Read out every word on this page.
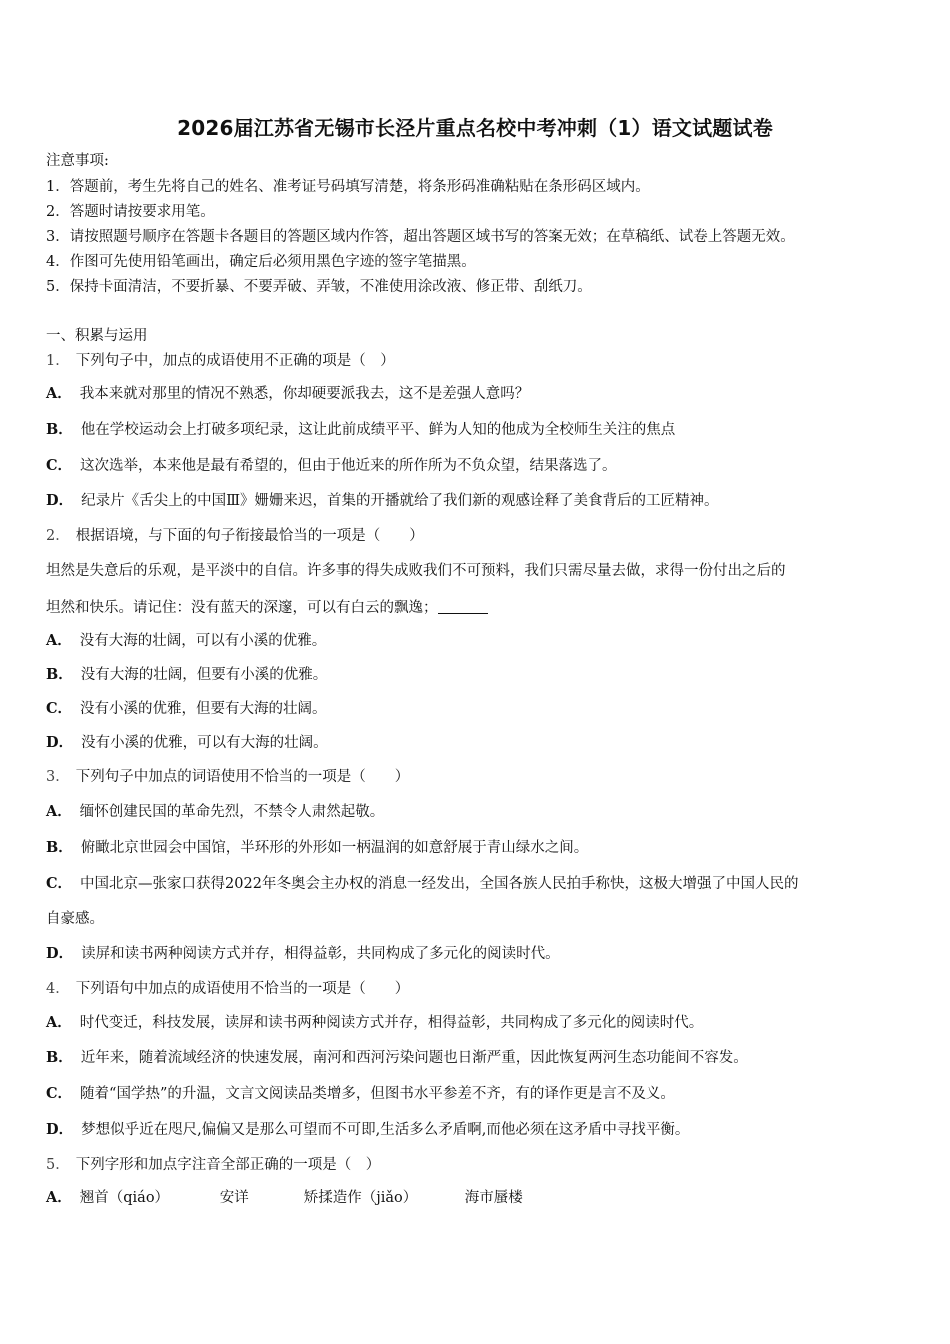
2026届江苏省无锡市长泾片重点名校中考冲刺（1）语文试题试卷
注意事项:
1．答题前，考生先将自己的姓名、准考证号码填写清楚，将条形码准确粘贴在条形码区域内。
2．答题时请按要求用笔。
3．请按照题号顺序在答题卡各题目的答题区域内作答，超出答题区域书写的答案无效；在草稿纸、试卷上答题无效。
4．作图可先使用铅笔画出，确定后必须用黑色字迹的签字笔描黑。
5．保持卡面清洁，不要折暴、不要弄破、弄皱，不准使用涂改液、修正带、刮纸刀。
一、积累与运用
1． 下列句子中，加点的成语使用不正确的项是（　）
A． 我本来就对那里的情况不熟悉，你却硬要派我去，这不是差强人意吗？
B． 他在学校运动会上打破多项纪录，这让此前成绩平平、鲜为人知的他成为全校师生关注的焦点
C． 这次选举，本来他是最有希望的，但由于他近来的所作所为不负众望，结果落选了。
D． 纪录片《舌尖上的中国Ⅲ》姗姗来迟，首集的开播就给了我们新的观感诠释了美食背后的工匠精神。
2． 根据语境，与下面的句子衔接最恰当的一项是（　　）
坦然是失意后的乐观，是平淡中的自信。许多事的得失成败我们不可预料，我们只需尽量去做，求得一份付出之后的
坦然和快乐。请记住：没有蓝天的深邃，可以有白云的飘逸；
A． 没有大海的壮阔，可以有小溪的优雅。
B． 没有大海的壮阔，但要有小溪的优雅。
C． 没有小溪的优雅，但要有大海的壮阔。
D． 没有小溪的优雅，可以有大海的壮阔。
3． 下列句子中加点的词语使用不恰当的一项是（　　）
A． 缅怀创建民国的革命先烈，不禁令人肃然起敬。
B． 俯瞰北京世园会中国馆，半环形的外形如一柄温润的如意舒展于青山绿水之间。
C． 中国北京—张家口获得2022年冬奥会主办权的消息一经发出，全国各族人民拍手称快，这极大增强了中国人民的
自豪感。
D． 读屏和读书两种阅读方式并存，相得益彰，共同构成了多元化的阅读时代。
4． 下列语句中加点的成语使用不恰当的一项是（　　）
A． 时代变迁，科技发展，读屏和读书两种阅读方式并存，相得益彰，共同构成了多元化的阅读时代。
B． 近年来，随着流域经济的快速发展，南河和西河污染问题也日渐严重，因此恢复两河生态功能间不容发。
C． 随着“国学热”的升温，文言文阅读品类增多，但图书水平参差不齐，有的译作更是言不及义。
D． 梦想似乎近在咫尺,偏偏又是那么可望而不可即,生活多么矛盾啊,而他必须在这矛盾中寻找平衡。
5． 下列字形和加点字注音全部正确的一项是（　）
A． 翘首（qiáo）	安详	矫揉造作（jiǎo）	海市蜃楼
